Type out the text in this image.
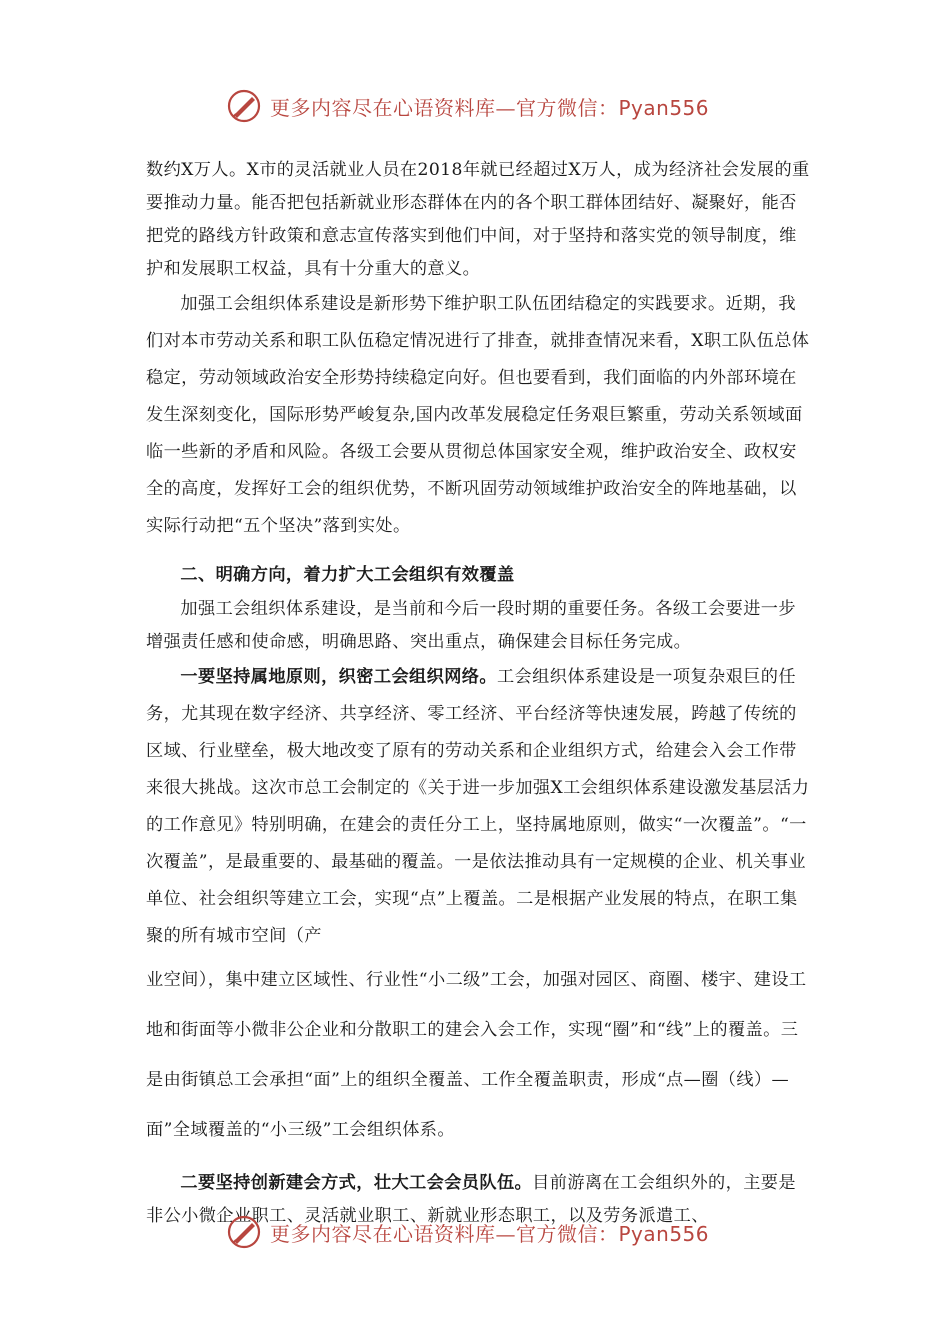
更多内容尽在心语资料库—官方微信：Pyan556

数约X万人。X市的灵活就业人员在2018年就已经超过X万人，成为经济社会发展的重要推动力量。能否把包括新就业形态群体在内的各个职工群体团结好、凝聚好，能否把党的路线方针政策和意志宣传落实到他们中间，对于坚持和落实党的领导制度，维护和发展职工权益，具有十分重大的意义。

加强工会组织体系建设是新形势下维护职工队伍团结稳定的实践要求。近期，我们对本市劳动关系和职工队伍稳定情况进行了排查，就排查情况来看，X职工队伍总体稳定，劳动领域政治安全形势持续稳定向好。但也要看到，我们面临的内外部环境在发生深刻变化，国际形势严峻复杂,国内改革发展稳定任务艰巨繁重，劳动关系领域面临一些新的矛盾和风险。各级工会要从贯彻总体国家安全观，维护政治安全、政权安全的高度，发挥好工会的组织优势，不断巩固劳动领域维护政治安全的阵地基础，以实际行动把“五个坚决”落到实处。

二、明确方向，着力扩大工会组织有效覆盖

加强工会组织体系建设，是当前和今后一段时期的重要任务。各级工会要进一步增强责任感和使命感，明确思路、突出重点，确保建会目标任务完成。

一要坚持属地原则，织密工会组织网络。工会组织体系建设是一项复杂艰巨的任务，尤其现在数字经济、共享经济、零工经济、平台经济等快速发展，跨越了传统的区域、行业壁垒，极大地改变了原有的劳动关系和企业组织方式，给建会入会工作带来很大挑战。这次市总工会制定的《关于进一步加强X工会组织体系建设激发基层活力的工作意见》特别明确，在建会的责任分工上，坚持属地原则，做实“一次覆盖”。“一次覆盖”，是最重要的、最基础的覆盖。一是依法推动具有一定规模的企业、机关事业单位、社会组织等建立工会，实现“点”上覆盖。二是根据产业发展的特点，在职工集聚的所有城市空间（产

业空间），集中建立区域性、行业性“小二级”工会，加强对园区、商圈、楼宇、建设工地和街面等小微非公企业和分散职工的建会入会工作，实现“圈”和“线”上的覆盖。三是由街镇总工会承担“面”上的组织全覆盖、工作全覆盖职责，形成“点—圈（线）—面”全域覆盖的“小三级”工会组织体系。

二要坚持创新建会方式，壮大工会会员队伍。目前游离在工会组织外的，主要是非公小微企业职工、灵活就业职工、新就业形态职工，以及劳务派遣工、

更多内容尽在心语资料库—官方微信：Pyan556
